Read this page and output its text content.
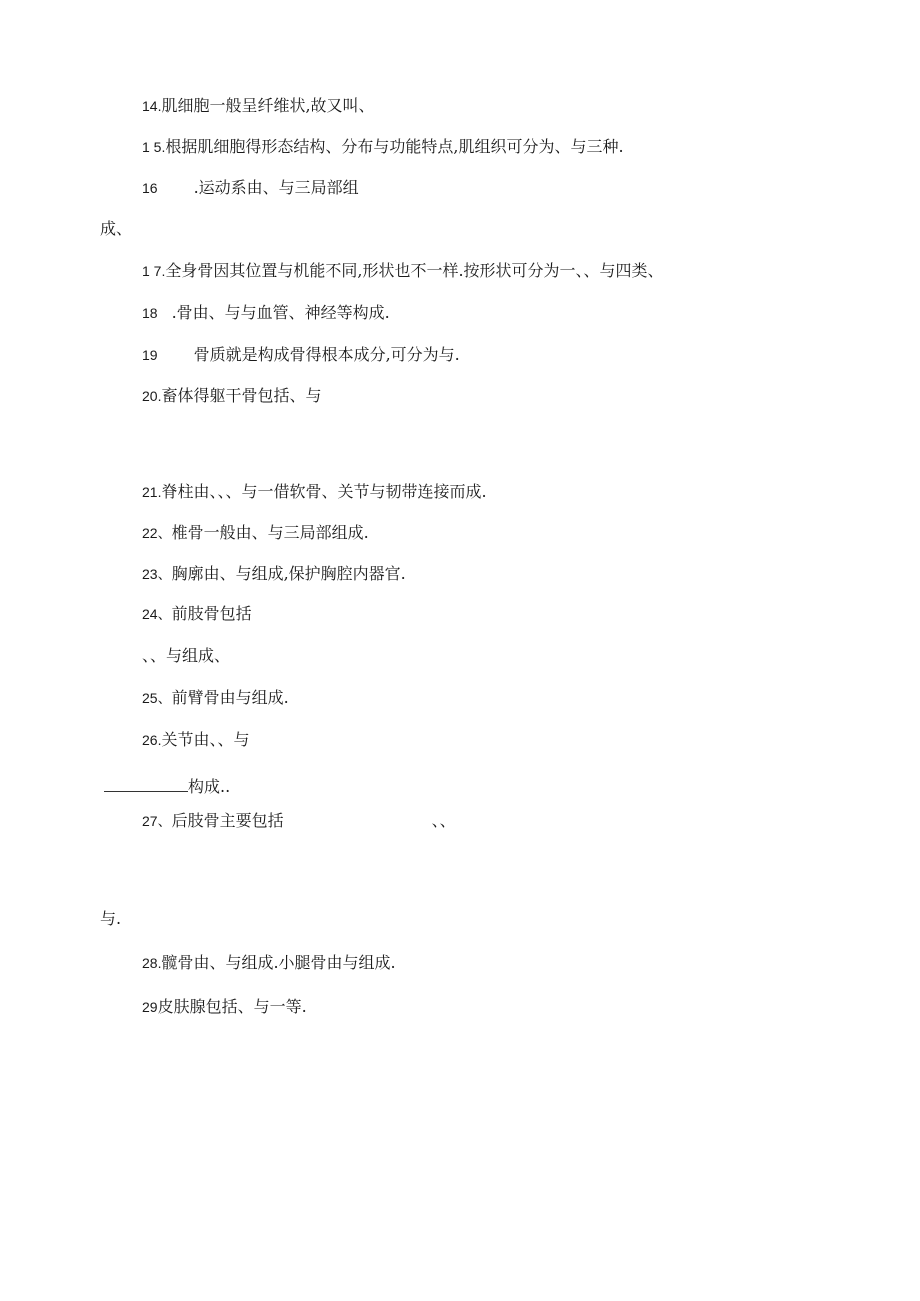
14.肌细胞一般呈纤维状,故又叫、
1 5.根据肌细胞得形态结构、分布与功能特点,肌组织可分为、与三种.
16 .运动系由、与三局部组
成、
1 7.全身骨因其位置与机能不同,形状也不一样.按形状可分为一、、与四类、
18 .骨由、与与血管、神经等构成.
19 骨质就是构成骨得根本成分,可分为与.
20.畜体得躯干骨包括、与
21.脊柱由、、、与一借软骨、关节与韧带连接而成.
22、椎骨一般由、与三局部组成.
23、胸廓由、与组成,保护胸腔内器官.
24、前肢骨包括
、、与组成、
25、前臂骨由与组成.
26.关节由、、与
构成..
27、后肢骨主要包括	、、
与.
28.髋骨由、与组成.小腿骨由与组成.
29皮肤腺包括、与一等.
